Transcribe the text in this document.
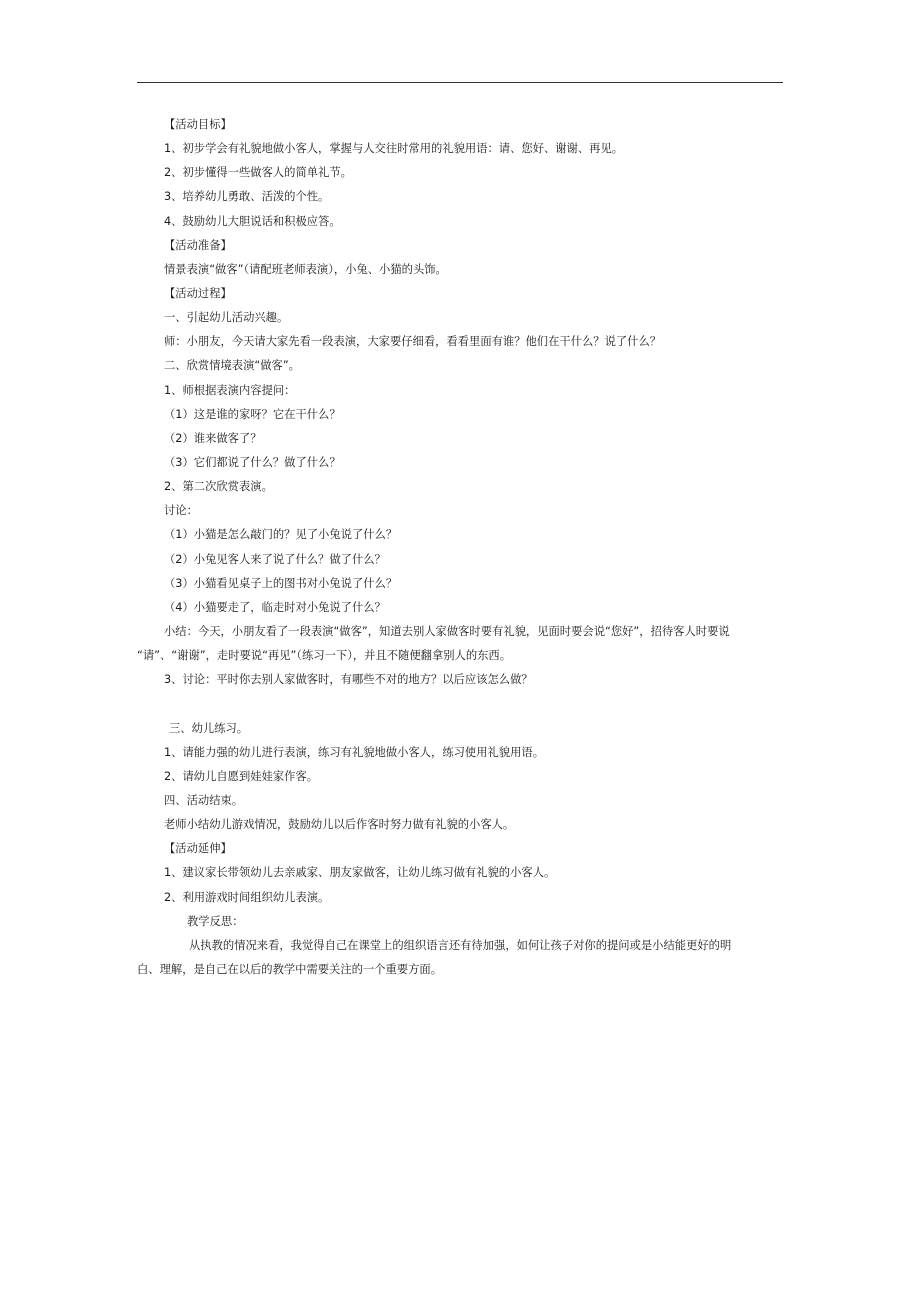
【活动目标】
1、初步学会有礼貌地做小客人，掌握与人交往时常用的礼貌用语：请、您好、谢谢、再见。
2、初步懂得一些做客人的简单礼节。
3、培养幼儿勇敢、活泼的个性。
4、鼓励幼儿大胆说话和积极应答。
【活动准备】
情景表演“做客”（请配班老师表演），小兔、小猫的头饰。
【活动过程】
一、引起幼儿活动兴趣。
师：小朋友，今天请大家先看一段表演，大家要仔细看，看看里面有谁？他们在干什么？说了什么？
二、欣赏情境表演“做客”。
1、师根据表演内容提问：
（1）这是谁的家呀？它在干什么？
（2）谁来做客了？
（3）它们都说了什么？做了什么？
2、第二次欣赏表演。
讨论：
（1）小猫是怎么敲门的？见了小兔说了什么？
（2）小兔见客人来了说了什么？做了什么？
（3）小猫看见桌子上的图书对小兔说了什么？
（4）小猫要走了，临走时对小兔说了什么？
小结：今天，小朋友看了一段表演“做客”，知道去别人家做客时要有礼貌，见面时要会说“您好”，招待客人时要说
“请”、“谢谢”，走时要说“再见”（练习一下），并且不随便翻拿别人的东西。
3、讨论：平时你去别人家做客时，有哪些不对的地方？以后应该怎么做？
三、幼儿练习。
1、请能力强的幼儿进行表演，练习有礼貌地做小客人，练习使用礼貌用语。
2、请幼儿自愿到娃娃家作客。
四、活动结束。
老师小结幼儿游戏情况，鼓励幼儿以后作客时努力做有礼貌的小客人。
【活动延伸】
1、建议家长带领幼儿去亲戚家、朋友家做客，让幼儿练习做有礼貌的小客人。
2、利用游戏时间组织幼儿表演。
教学反思：
从执教的情况来看，我觉得自己在课堂上的组织语言还有待加强，如何让孩子对你的提问或是小结能更好的明
白、理解，是自己在以后的教学中需要关注的一个重要方面。
